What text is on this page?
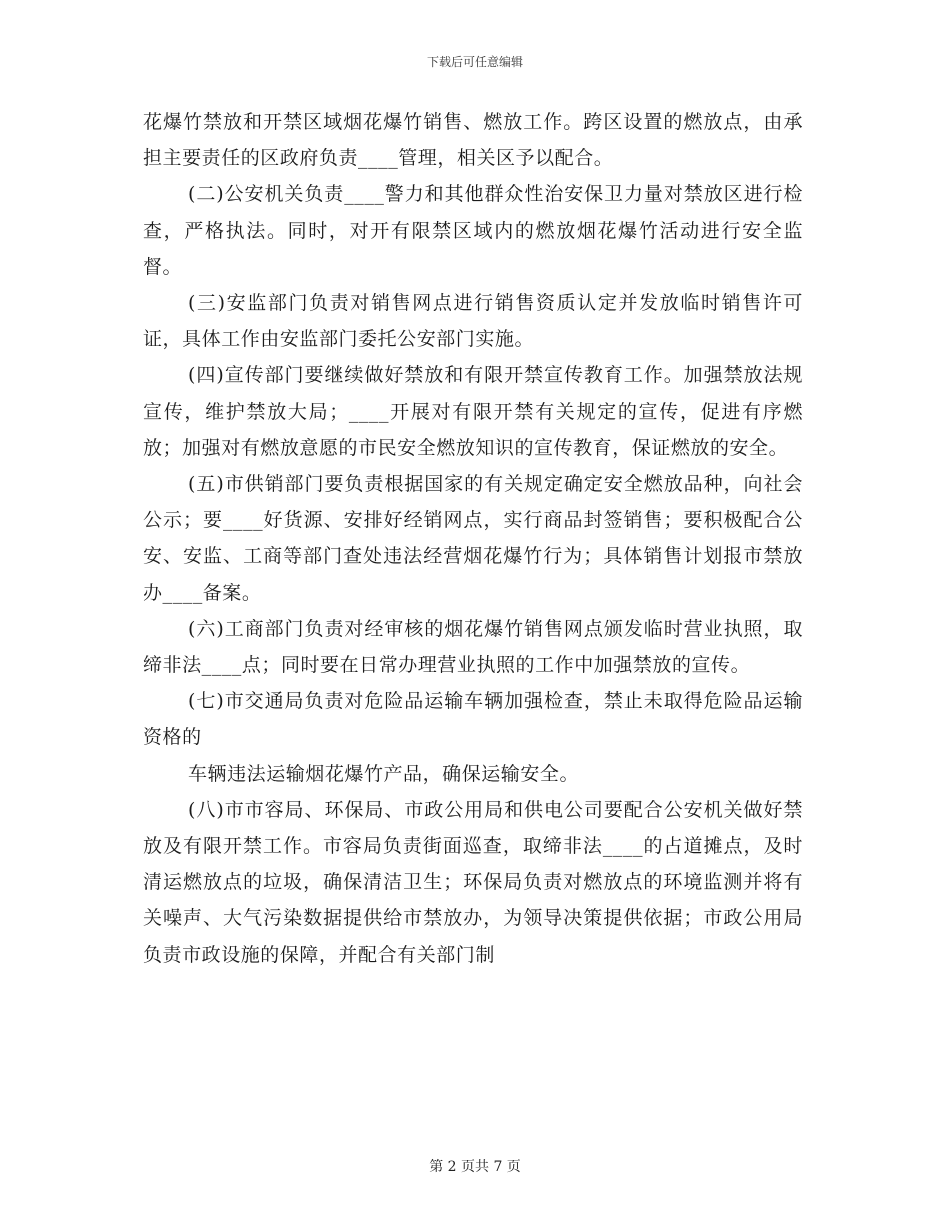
下载后可任意编辑

花爆竹禁放和开禁区域烟花爆竹销售、燃放工作。跨区设置的燃放点，由承担主要责任的区政府负责____管理，相关区予以配合。

(二)公安机关负责____警力和其他群众性治安保卫力量对禁放区进行检查，严格执法。同时，对开有限禁区域内的燃放烟花爆竹活动进行安全监督。

(三)安监部门负责对销售网点进行销售资质认定并发放临时销售许可证，具体工作由安监部门委托公安部门实施。

(四)宣传部门要继续做好禁放和有限开禁宣传教育工作。加强禁放法规宣传，维护禁放大局；____开展对有限开禁有关规定的宣传，促进有序燃放；加强对有燃放意愿的市民安全燃放知识的宣传教育，保证燃放的安全。

(五)市供销部门要负责根据国家的有关规定确定安全燃放品种，向社会公示；要____好货源、安排好经销网点，实行商品封签销售；要积极配合公安、安监、工商等部门查处违法经营烟花爆竹行为；具体销售计划报市禁放办____备案。

(六)工商部门负责对经审核的烟花爆竹销售网点颁发临时营业执照，取缔非法____点；同时要在日常办理营业执照的工作中加强禁放的宣传。

(七)市交通局负责对危险品运输车辆加强检查，禁止未取得危险品运输资格的

车辆违法运输烟花爆竹产品，确保运输安全。

(八)市市容局、环保局、市政公用局和供电公司要配合公安机关做好禁放及有限开禁工作。市容局负责街面巡查，取缔非法____的占道摊点，及时清运燃放点的垃圾，确保清洁卫生；环保局负责对燃放点的环境监测并将有关噪声、大气污染数据提供给市禁放办，为领导决策提供依据；市政公用局负责市政设施的保障，并配合有关部门制

第 2 页共 7 页
